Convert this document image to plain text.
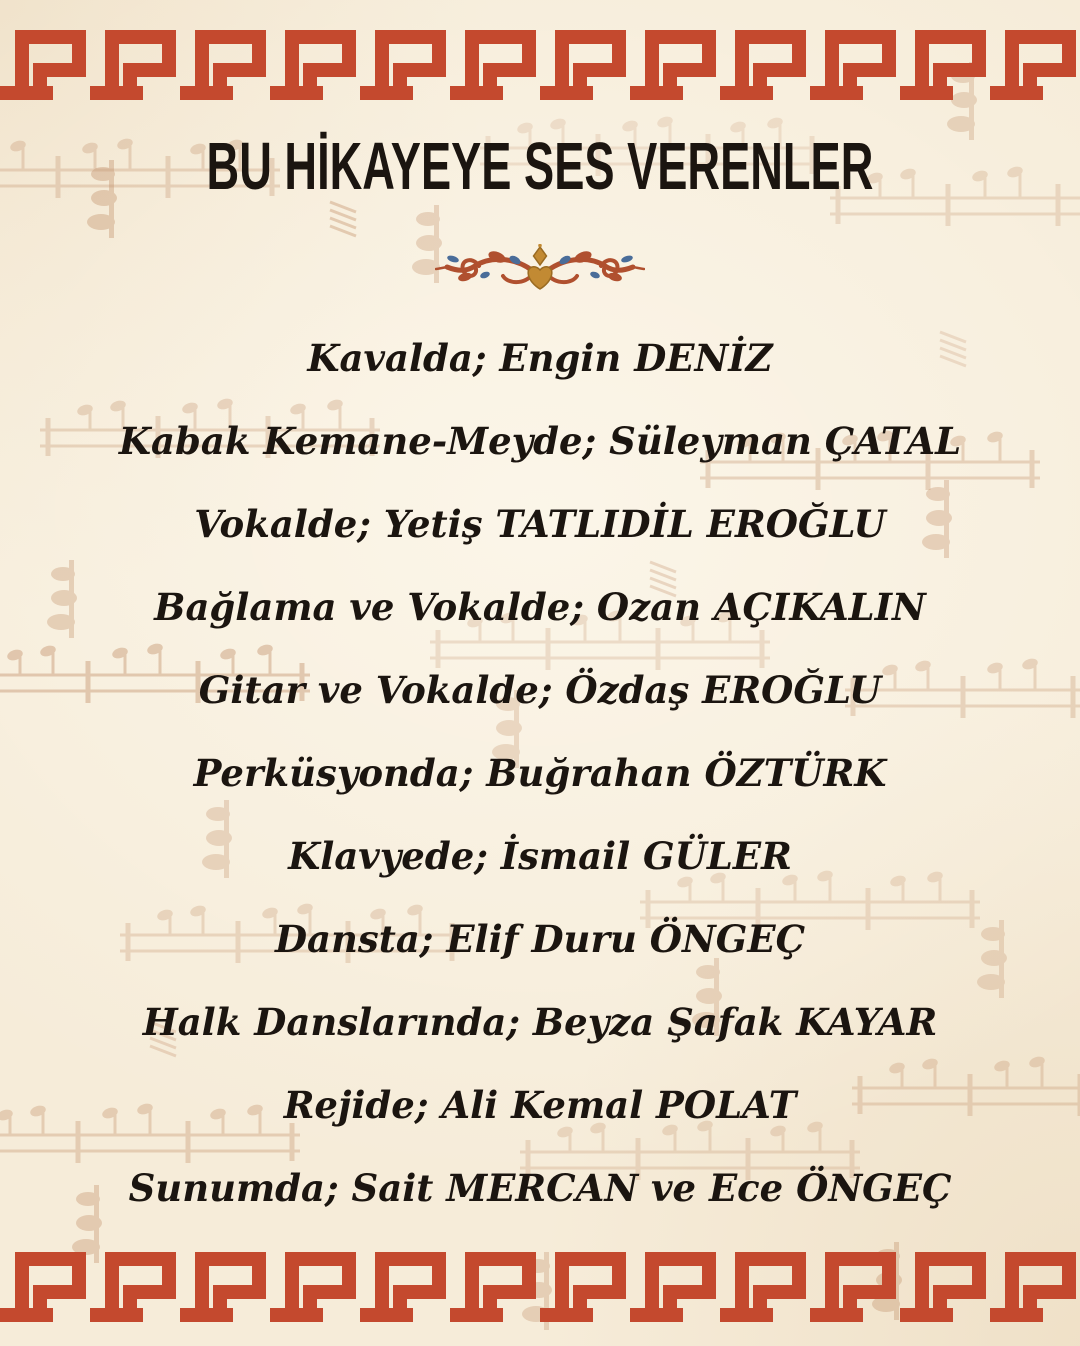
BU HİKAYEYE SES VERENLER
Kavalda; Engin DENİZ
Kabak Kemane-Meyde; Süleyman ÇATAL
Vokalde; Yetiş TATLIDİL EROĞLU
Bağlama ve Vokalde; Ozan AÇIKALIN
Gitar ve Vokalde; Özdaş EROĞLU
Perküsyonda; Buğrahan ÖZTÜRK
Klavyede; İsmail GÜLER
Dansta; Elif Duru ÖNGEÇ
Halk Danslarında; Beyza Şafak KAYAR
Rejide; Ali Kemal POLAT
Sunumda; Sait MERCAN ve Ece ÖNGEÇ
